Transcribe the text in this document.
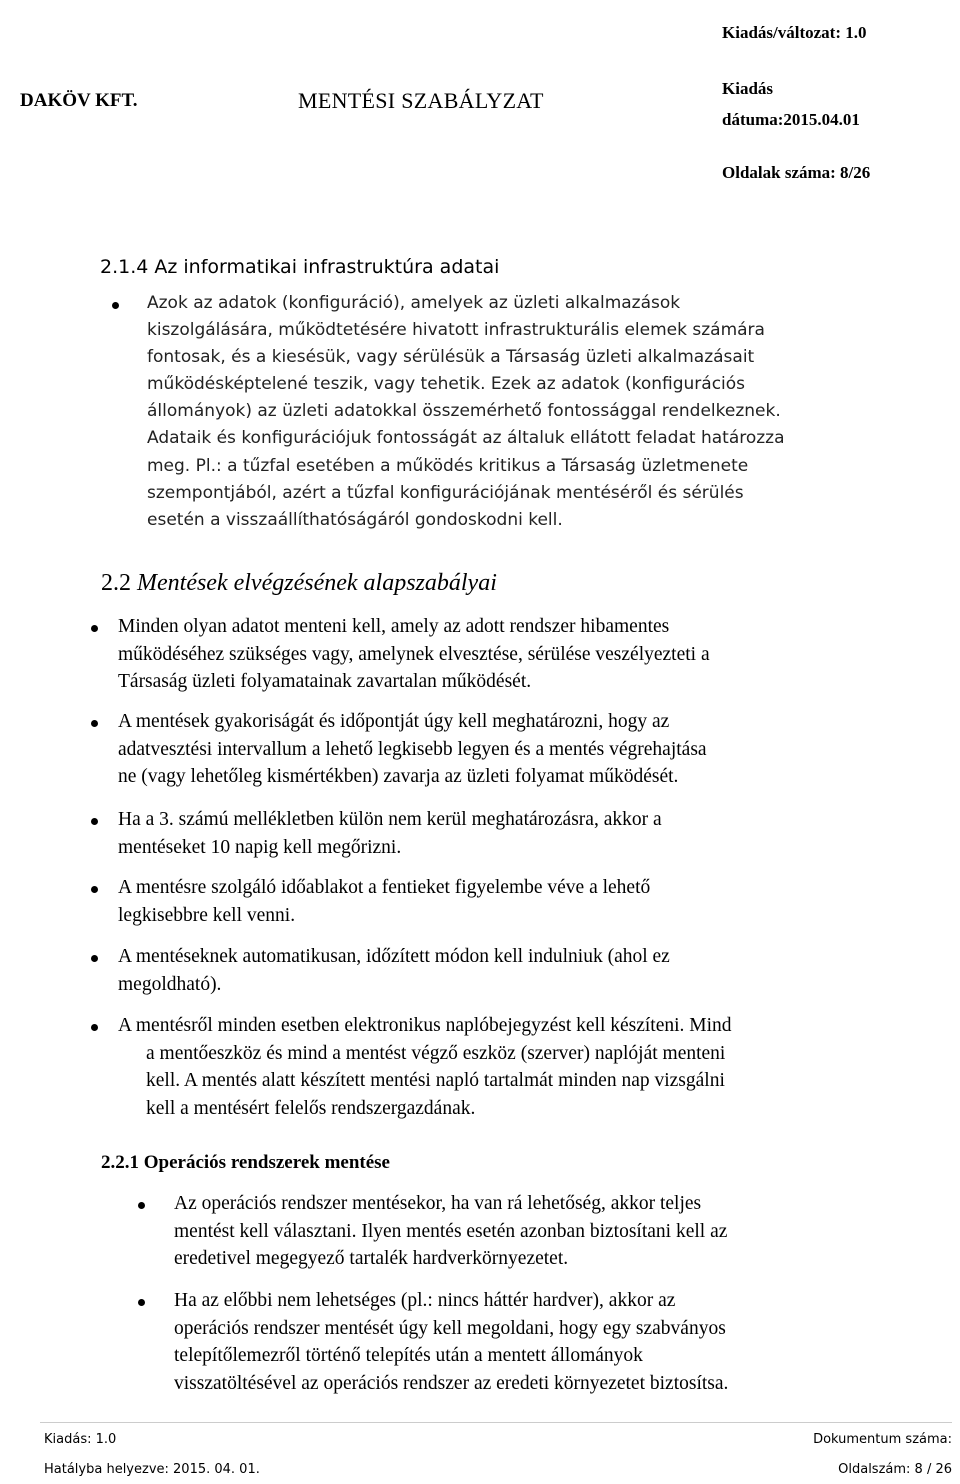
DAKÖV KFT.	MENTÉSI SZABÁLYZAT
Kiadás/változat: 1.0
Kiadás
dátuma:2015.04.01
Oldalak száma: 8/26
2.1.4 Az informatikai infrastruktúra adatai
Azok az adatok (konfiguráció), amelyek az üzleti alkalmazások
kiszolgálására, működtetésére hivatott infrastrukturális elemek számára
fontosak, és a kiesésük, vagy sérülésük a Társaság üzleti alkalmazásait
működésképtelené teszik, vagy tehetik. Ezek az adatok (konfigurációs
állományok) az üzleti adatokkal összemérhető fontossággal rendelkeznek.
Adataik és konfigurációjuk fontosságát az általuk ellátott feladat határozza
meg. Pl.: a tűzfal esetében a működés kritikus a Társaság üzletmenete
szempontjából, azért a tűzfal konfigurációjának mentéséről és sérülés
esetén a visszaállíthatóságáról gondoskodni kell.
2.2 Mentések elvégzésének alapszabályai
Minden olyan adatot menteni kell, amely az adott rendszer hibamentes
működéséhez szükséges vagy, amelynek elvesztése, sérülése veszélyezteti a
Társaság üzleti folyamatainak zavartalan működését.
A mentések gyakoriságát és időpontját úgy kell meghatározni, hogy az
adatvesztési intervallum a lehető legkisebb legyen és a mentés végrehajtása
ne (vagy lehetőleg kismértékben) zavarja az üzleti folyamat működését.
Ha a 3. számú mellékletben külön nem kerül meghatározásra, akkor a
mentéseket 10 napig kell megőrizni.
A mentésre szolgáló időablakot a fentieket figyelembe véve a lehető
legkisebbre kell venni.
A mentéseknek automatikusan, időzített módon kell indulniuk (ahol ez
megoldható).
A mentésről minden esetben elektronikus naplóbejegyzést kell készíteni. Mind
a mentőeszköz és mind a mentést végző eszköz (szerver) naplóját menteni
kell. A mentés alatt készített mentési napló tartalmát minden nap vizsgálni
kell a mentésért felelős rendszergazdának.
2.2.1 Operációs rendszerek mentése
Az operációs rendszer mentésekor, ha van rá lehetőség, akkor teljes
mentést kell választani. Ilyen mentés esetén azonban biztosítani kell az
eredetivel megegyező tartalék hardverkörnyezetet.
Ha az előbbi nem lehetséges (pl.: nincs háttér hardver), akkor az
operációs rendszer mentését úgy kell megoldani, hogy egy szabványos
telepítőlemezről történő telepítés után a mentett állományok
visszatöltésével az operációs rendszer az eredeti környezetet biztosítsa.
Kiadás: 1.0
Hatályba helyezve: 2015. 04. 01.
Dokumentum száma:
Oldalszám: 8 / 26
